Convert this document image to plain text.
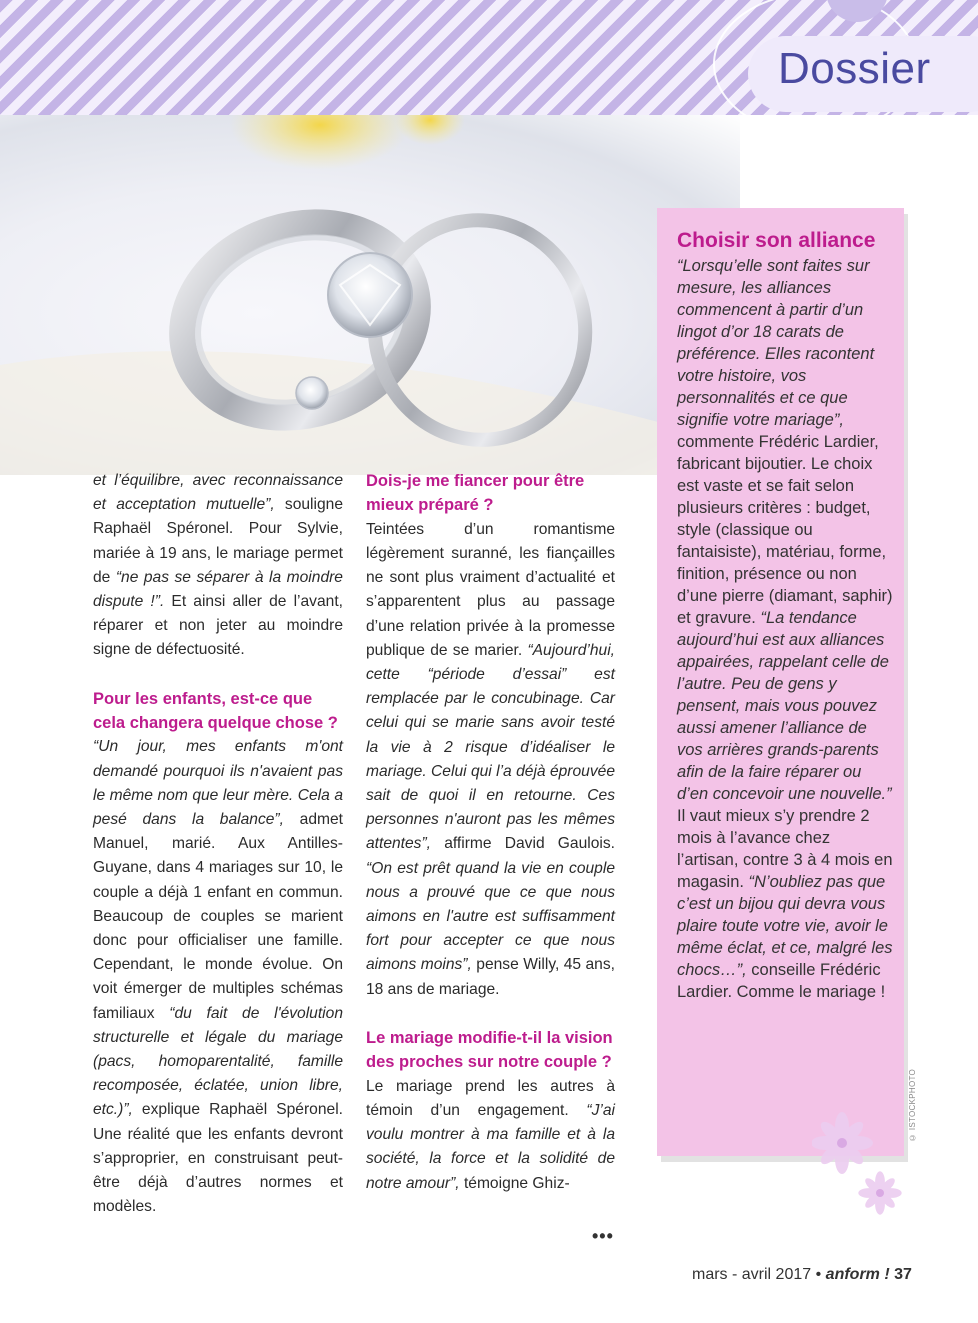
Dossier

et l’équilibre, avec reconnaissance et acceptation mutuelle”, souligne Raphaël Spéronel. Pour Sylvie, mariée à 19 ans, le mariage permet de “ne pas se séparer à la moindre dispute !”. Et ainsi aller de l’avant, réparer et non jeter au moindre signe de défectuosité.

Pour les enfants, est-ce que cela changera quelque chose ?

“Un jour, mes enfants m'ont demandé pourquoi ils n'avaient pas le même nom que leur mère. Cela a pesé dans la balance”, admet Manuel, marié. Aux Antilles-Guyane, dans 4 mariages sur 10, le couple a déjà 1 enfant en commun. Beaucoup de couples se marient donc pour officialiser une famille. Cependant, le monde évolue. On voit émerger de multiples schémas familiaux “du fait de l'évolution structurelle et légale du mariage (pacs, homoparentalité, famille recomposée, éclatée, union libre, etc.)”, explique Raphaël Spéronel. Une réalité que les enfants devront s’approprier, en construisant peut-être déjà d’autres normes et modèles.

Dois-je me fiancer pour être mieux préparé ?

Teintées d’un romantisme légèrement suranné, les fiançailles ne sont plus vraiment d’actualité et s’apparentent plus au passage d’une relation privée à la promesse publique de se marier. “Aujourd’hui, cette “période d’essai” est remplacée par le concubinage. Car celui qui se marie sans avoir testé la vie à 2 risque d’idéaliser le mariage. Celui qui l’a déjà éprouvée sait de quoi il en retourne. Ces personnes n'auront pas les mêmes attentes”, affirme David Gaulois. “On est prêt quand la vie en couple nous a prouvé que ce que nous aimons en l'autre est suffisamment fort pour accepter ce que nous aimons moins”, pense Willy, 45 ans, 18 ans de mariage.

Le mariage modifie-t-il la vision des proches sur notre couple ?

Le mariage prend les autres à témoin d’un engagement. “J’ai voulu montrer à ma famille et à la société, la force et la solidité de notre amour”, témoigne Ghiz-

•••
Choisir son alliance

“Lorsqu’elle sont faites sur mesure, les alliances commencent à partir d’un lingot d’or 18 carats de préférence. Elles racontent votre histoire, vos personnalités et ce que signifie votre mariage”, commente Frédéric Lardier, fabricant bijoutier. Le choix est vaste et se fait selon plusieurs critères : budget, style (classique ou fantaisiste), matériau, forme, finition, présence ou non d’une pierre (diamant, saphir) et gravure. “La tendance aujourd’hui est aux alliances appairées, rappelant celle de l’autre. Peu de gens y pensent, mais vous pouvez aussi amener l’alliance de vos arrières grands-parents afin de la faire réparer ou d’en concevoir une nouvelle.” Il vaut mieux s’y prendre 2 mois à l’avance chez l’artisan, contre 3 à 4 mois en magasin. “N’oubliez pas que c’est un bijou qui devra vous plaire toute votre vie, avoir le même éclat, et ce, malgré les chocs…”, conseille Frédéric Lardier. Comme le mariage !

© ISTOCKPHOTO
mars - avril 2017 • anform ! 37
